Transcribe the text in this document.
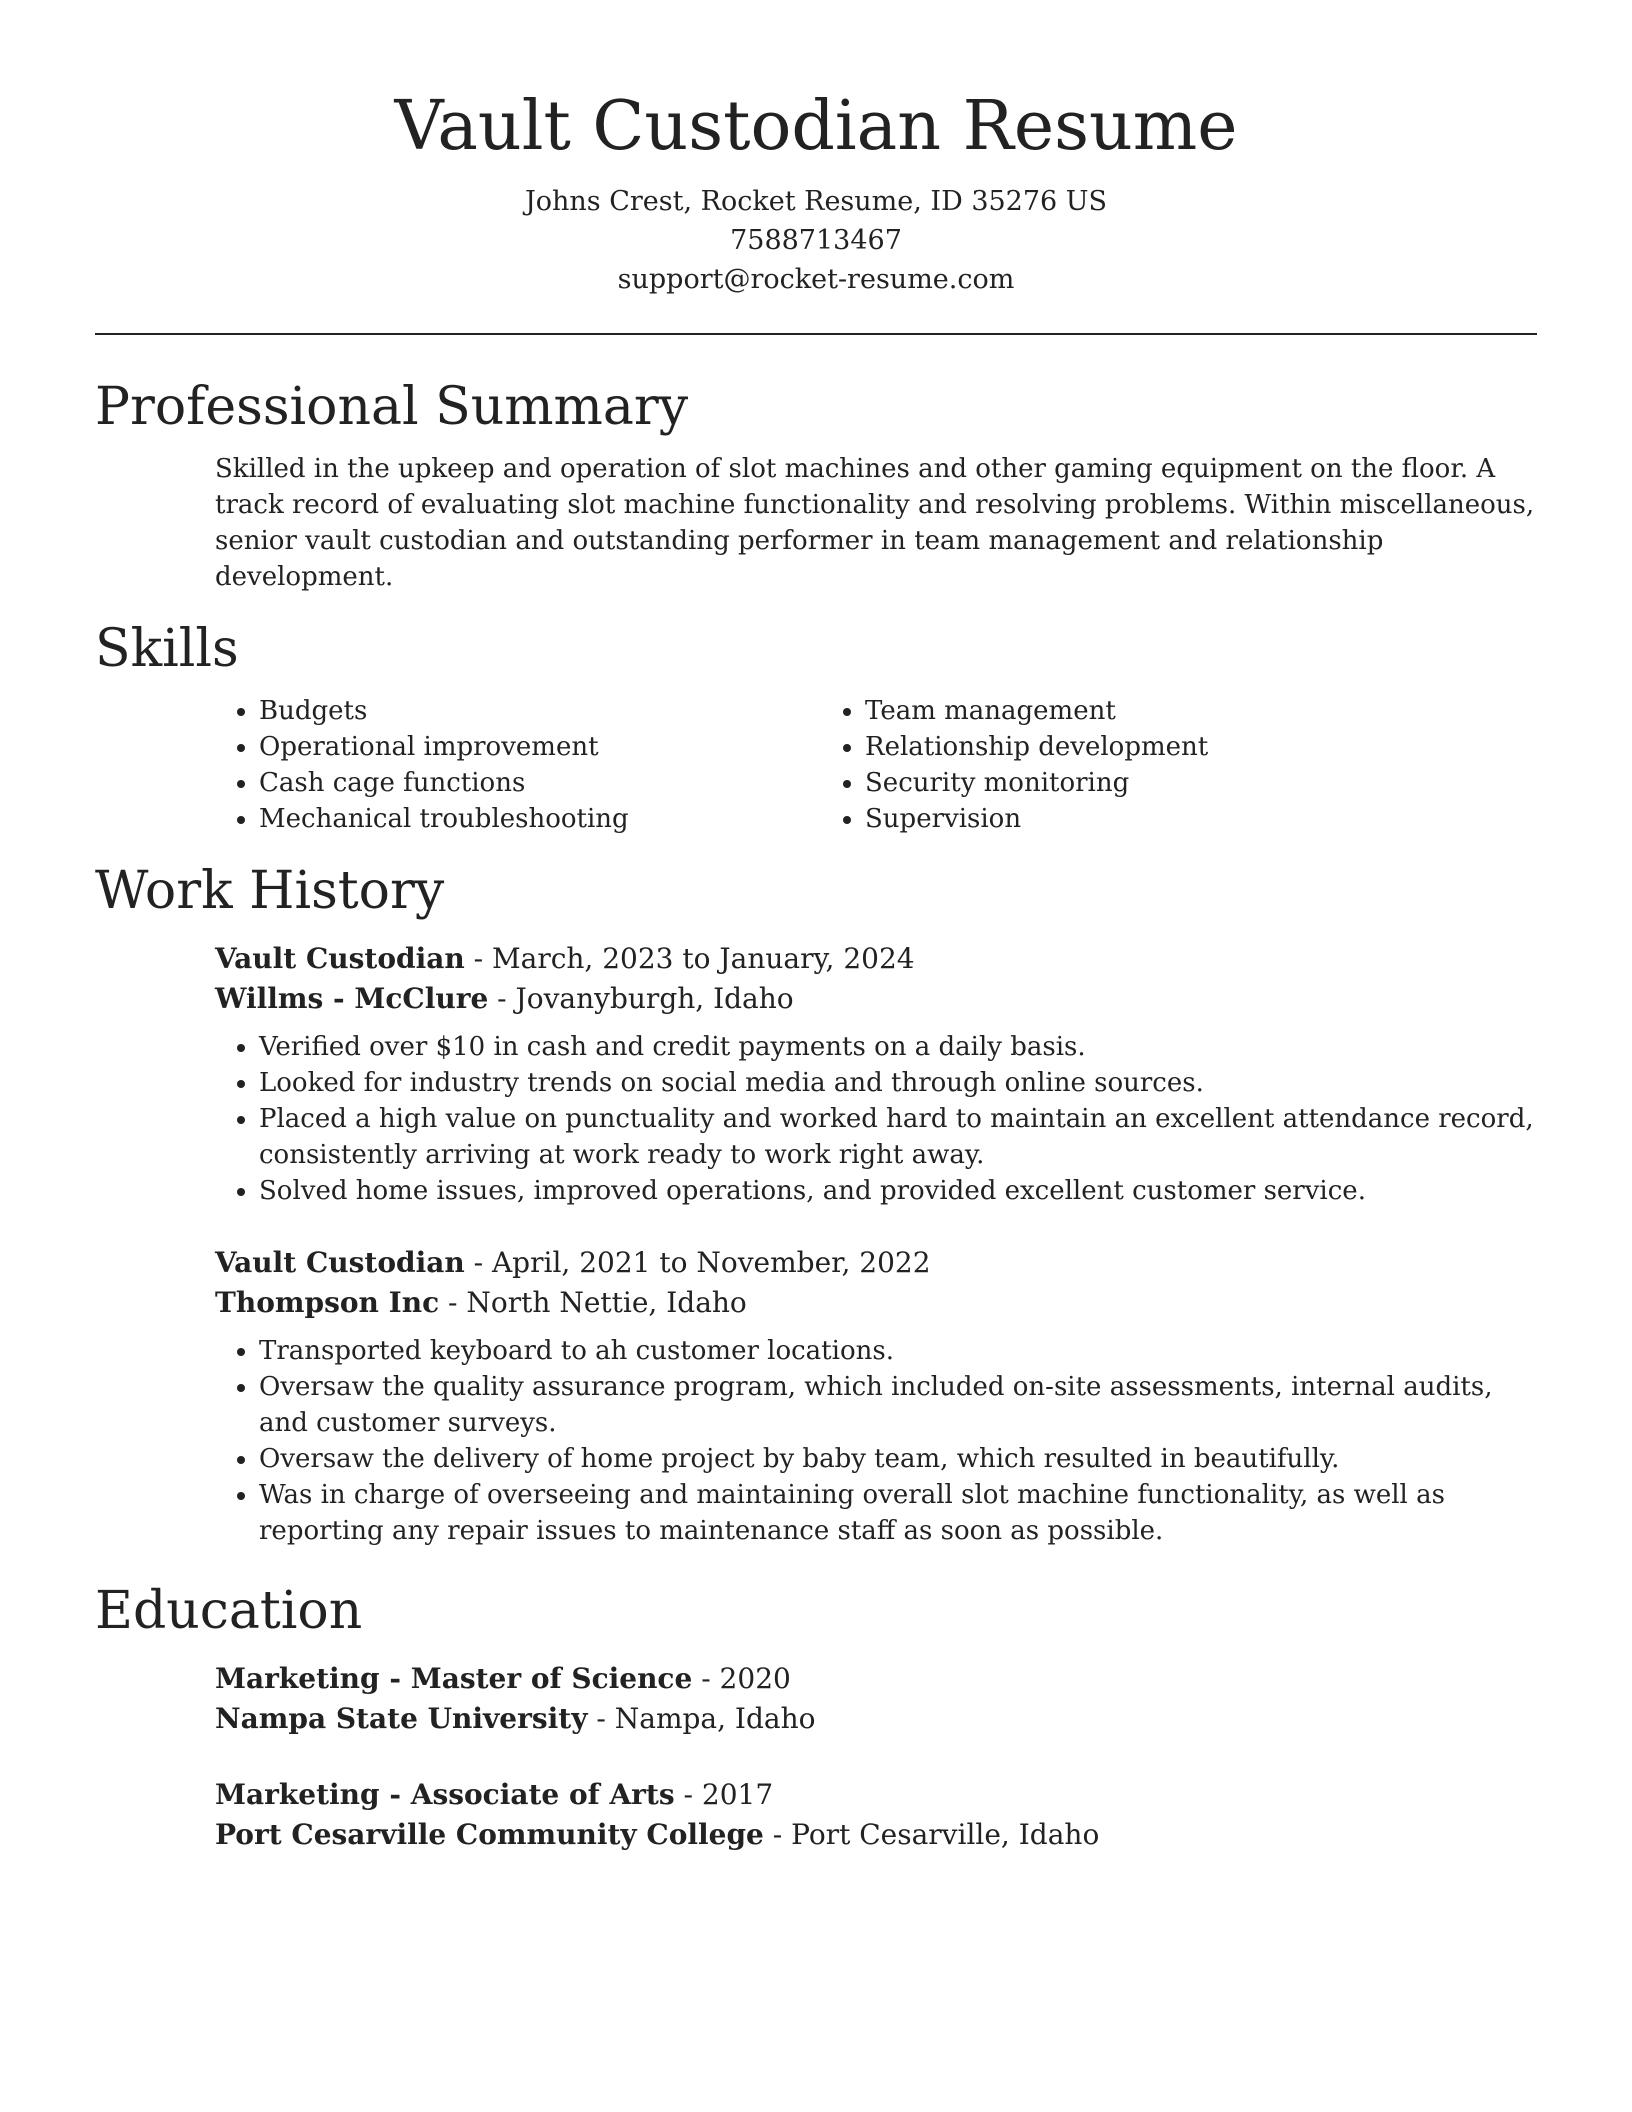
Vault Custodian Resume
Johns Crest, Rocket Resume, ID 35276 US
7588713467
support@rocket-resume.com
Professional Summary

Skilled in the upkeep and operation of slot machines and other gaming equipment on the floor. A track record of evaluating slot machine functionality and resolving problems. Within miscellaneous, senior vault custodian and outstanding performer in team management and relationship development.

Skills
• Budgets
• Operational improvement
• Cash cage functions
• Mechanical troubleshooting
• Team management
• Relationship development
• Security monitoring
• Supervision
Work History
Vault Custodian - March, 2023 to January, 2024
Willms - McClure - Jovanyburgh, Idaho
• Verified over $10 in cash and credit payments on a daily basis.
• Looked for industry trends on social media and through online sources.
• Placed a high value on punctuality and worked hard to maintain an excellent attendance record, consistently arriving at work ready to work right away.
• Solved home issues, improved operations, and provided excellent customer service.
Vault Custodian - April, 2021 to November, 2022
Thompson Inc - North Nettie, Idaho
• Transported keyboard to ah customer locations.
• Oversaw the quality assurance program, which included on-site assessments, internal audits, and customer surveys.
• Oversaw the delivery of home project by baby team, which resulted in beautifully.
• Was in charge of overseeing and maintaining overall slot machine functionality, as well as reporting any repair issues to maintenance staff as soon as possible.
Education
Marketing - Master of Science - 2020
Nampa State University - Nampa, Idaho
Marketing - Associate of Arts - 2017
Port Cesarville Community College - Port Cesarville, Idaho
